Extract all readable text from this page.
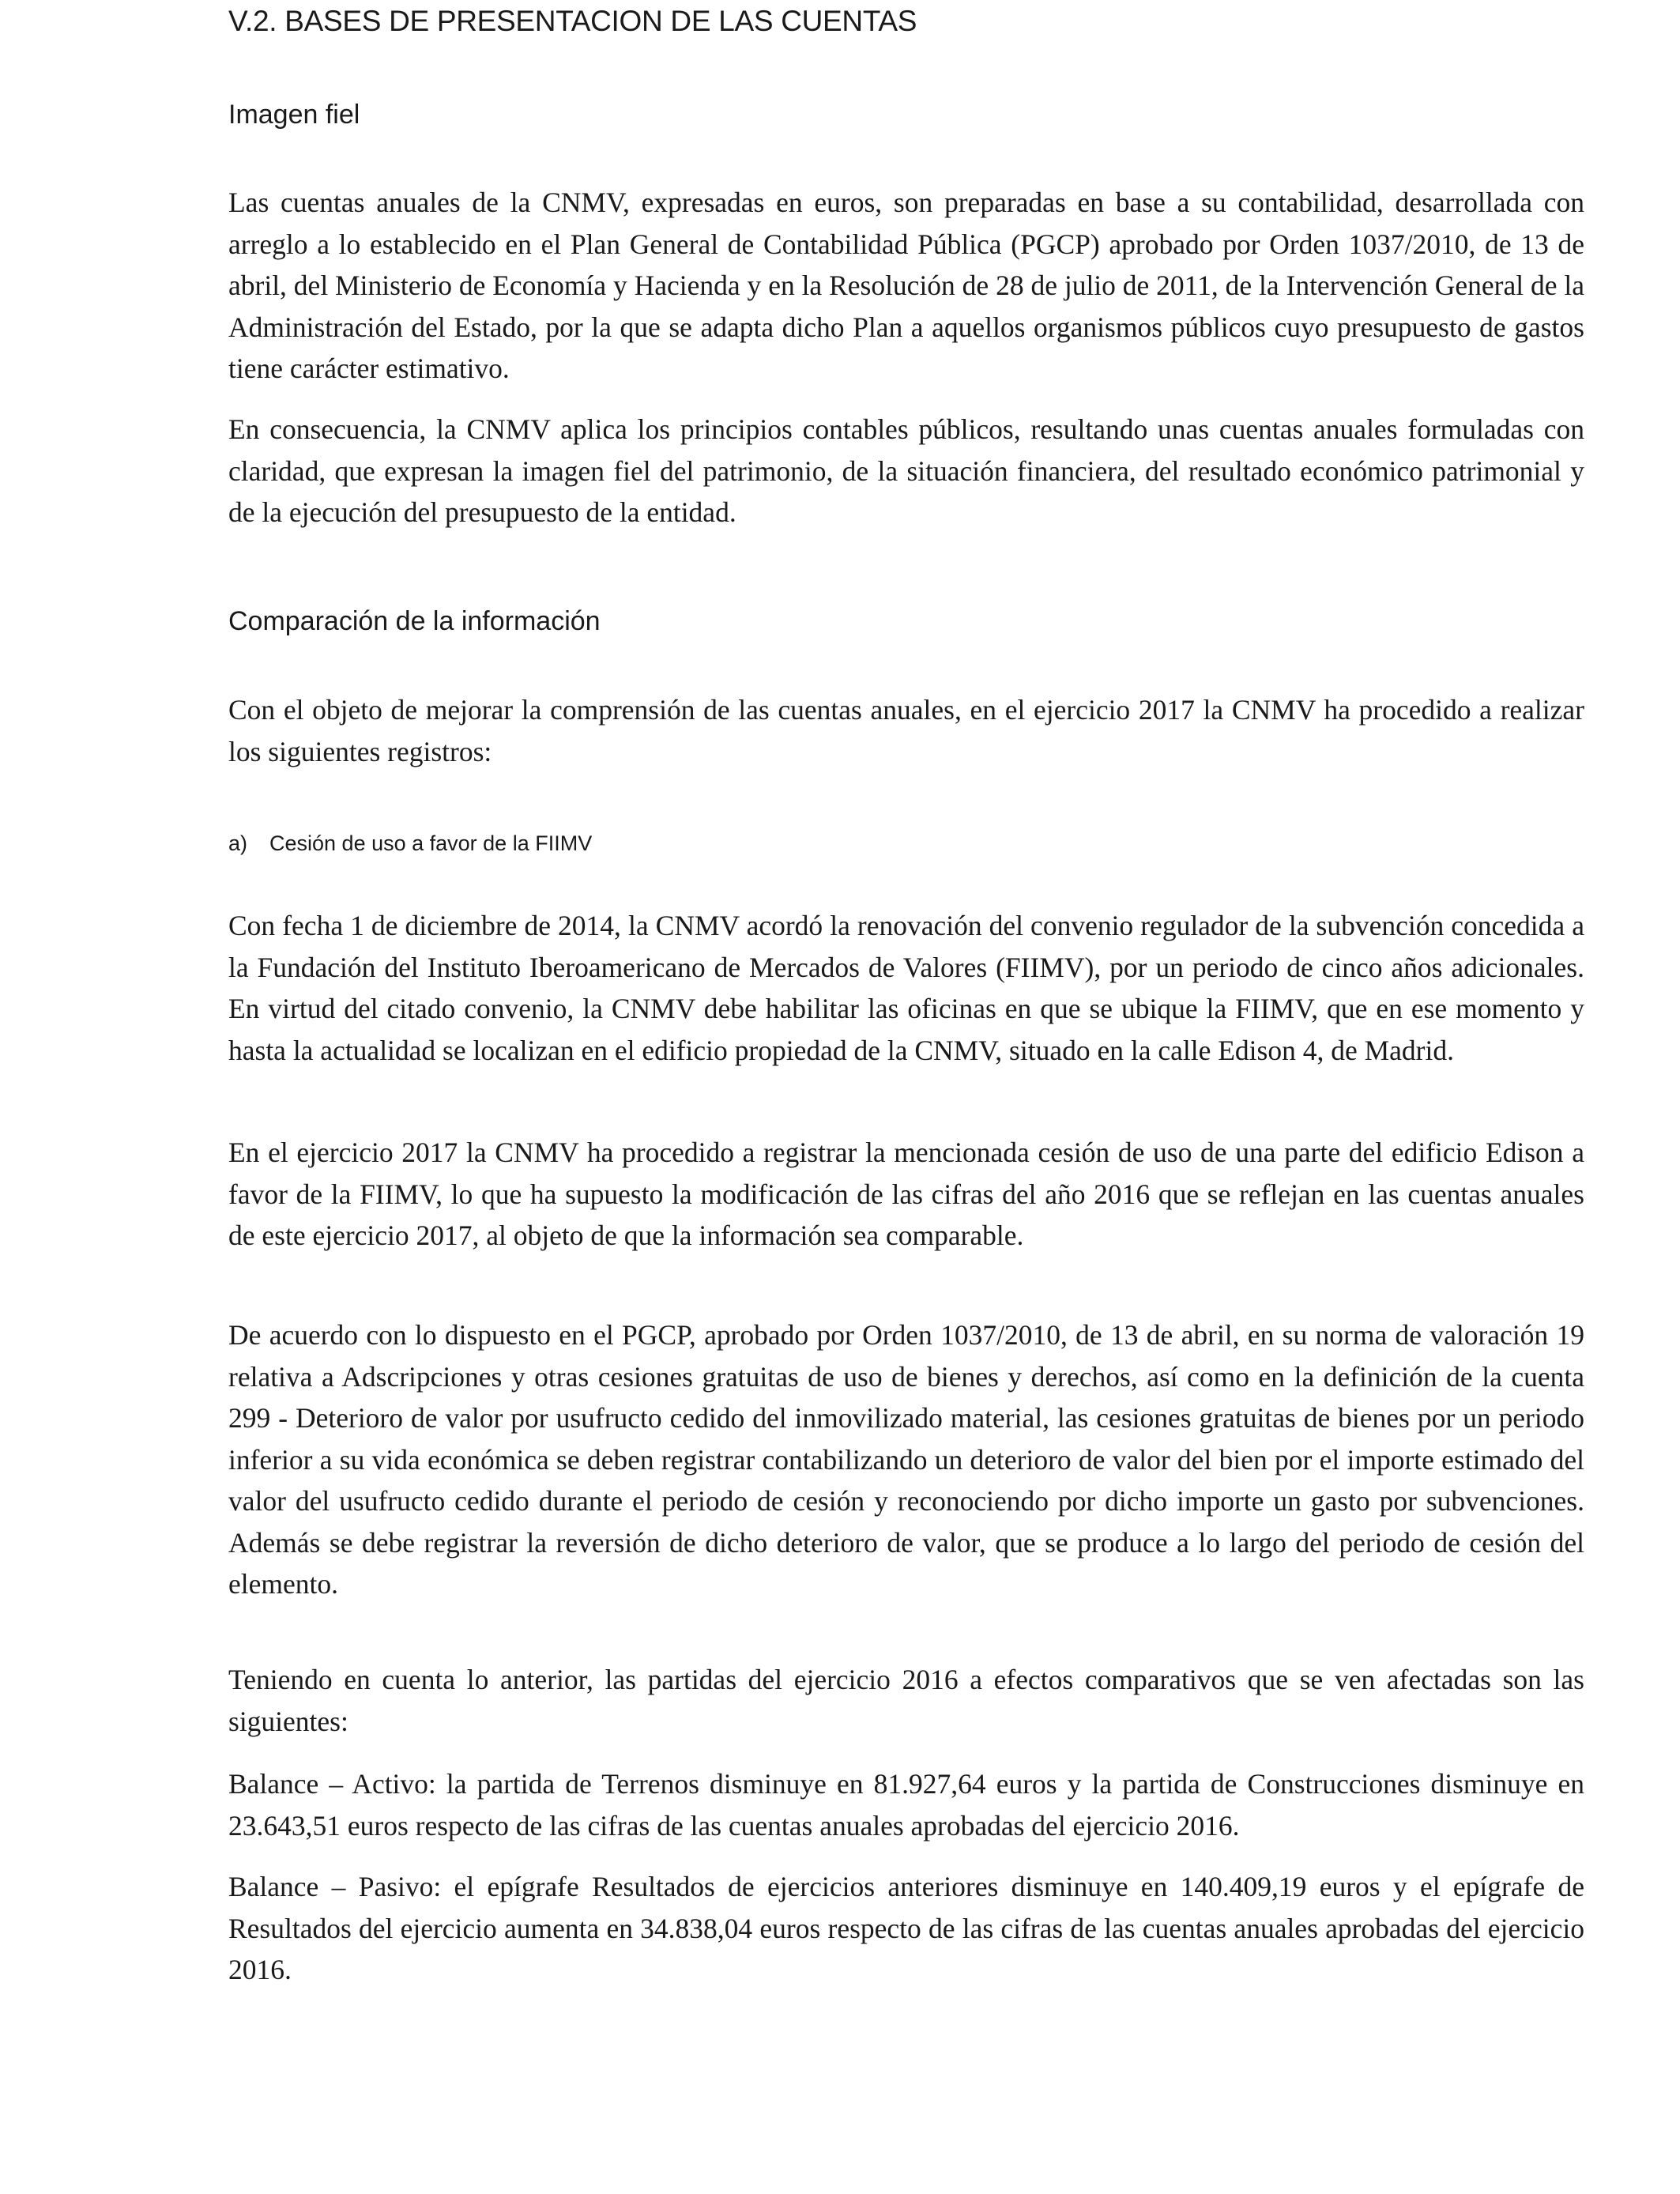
V.2. BASES DE PRESENTACION DE LAS CUENTAS
Imagen fiel

Las cuentas anuales de la CNMV, expresadas en euros, son preparadas en base a su contabilidad, desarrollada con arreglo a lo establecido en el Plan General de Contabilidad Pública (PGCP) aprobado por Orden 1037/2010, de 13 de abril, del Ministerio de Economía y Hacienda y en la Resolución de 28 de julio de 2011, de la Intervención General de la Administración del Estado, por la que se adapta dicho Plan a aquellos organismos públicos cuyo presupuesto de gastos tiene carácter estimativo.

En consecuencia, la CNMV aplica los principios contables públicos, resultando unas cuentas anuales formuladas con claridad, que expresan la imagen fiel del patrimonio, de la situación financiera, del resultado económico patrimonial y de la ejecución del presupuesto de la entidad.

Comparación de la información

Con el objeto de mejorar la comprensión de las cuentas anuales, en el ejercicio 2017 la CNMV ha procedido a realizar los siguientes registros:

a) Cesión de uso a favor de la FIIMV

Con fecha 1 de diciembre de 2014, la CNMV acordó la renovación del convenio regulador de la subvención concedida a la Fundación del Instituto Iberoamericano de Mercados de Valores (FIIMV), por un periodo de cinco años adicionales. En virtud del citado convenio, la CNMV debe habilitar las oficinas en que se ubique la FIIMV, que en ese momento y hasta la actualidad se localizan en el edificio propiedad de la CNMV, situado en la calle Edison 4, de Madrid.

En el ejercicio 2017 la CNMV ha procedido a registrar la mencionada cesión de uso de una parte del edificio Edison a favor de la FIIMV, lo que ha supuesto la modificación de las cifras del año 2016 que se reflejan en las cuentas anuales de este ejercicio 2017, al objeto de que la información sea comparable.

De acuerdo con lo dispuesto en el PGCP, aprobado por Orden 1037/2010, de 13 de abril, en su norma de valoración 19 relativa a Adscripciones y otras cesiones gratuitas de uso de bienes y derechos, así como en la definición de la cuenta 299 - Deterioro de valor por usufructo cedido del inmovilizado material, las cesiones gratuitas de bienes por un periodo inferior a su vida económica se deben registrar contabilizando un deterioro de valor del bien por el importe estimado del valor del usufructo cedido durante el periodo de cesión y reconociendo por dicho importe un gasto por subvenciones. Además se debe registrar la reversión de dicho deterioro de valor, que se produce a lo largo del periodo de cesión del elemento.

Teniendo en cuenta lo anterior, las partidas del ejercicio 2016 a efectos comparativos que se ven afectadas son las siguientes:

Balance – Activo: la partida de Terrenos disminuye en 81.927,64 euros y la partida de Construcciones disminuye en 23.643,51 euros respecto de las cifras de las cuentas anuales aprobadas del ejercicio 2016.

Balance – Pasivo: el epígrafe Resultados de ejercicios anteriores disminuye en 140.409,19 euros y el epígrafe de Resultados del ejercicio aumenta en 34.838,04 euros respecto de las cifras de las cuentas anuales aprobadas del ejercicio 2016.
